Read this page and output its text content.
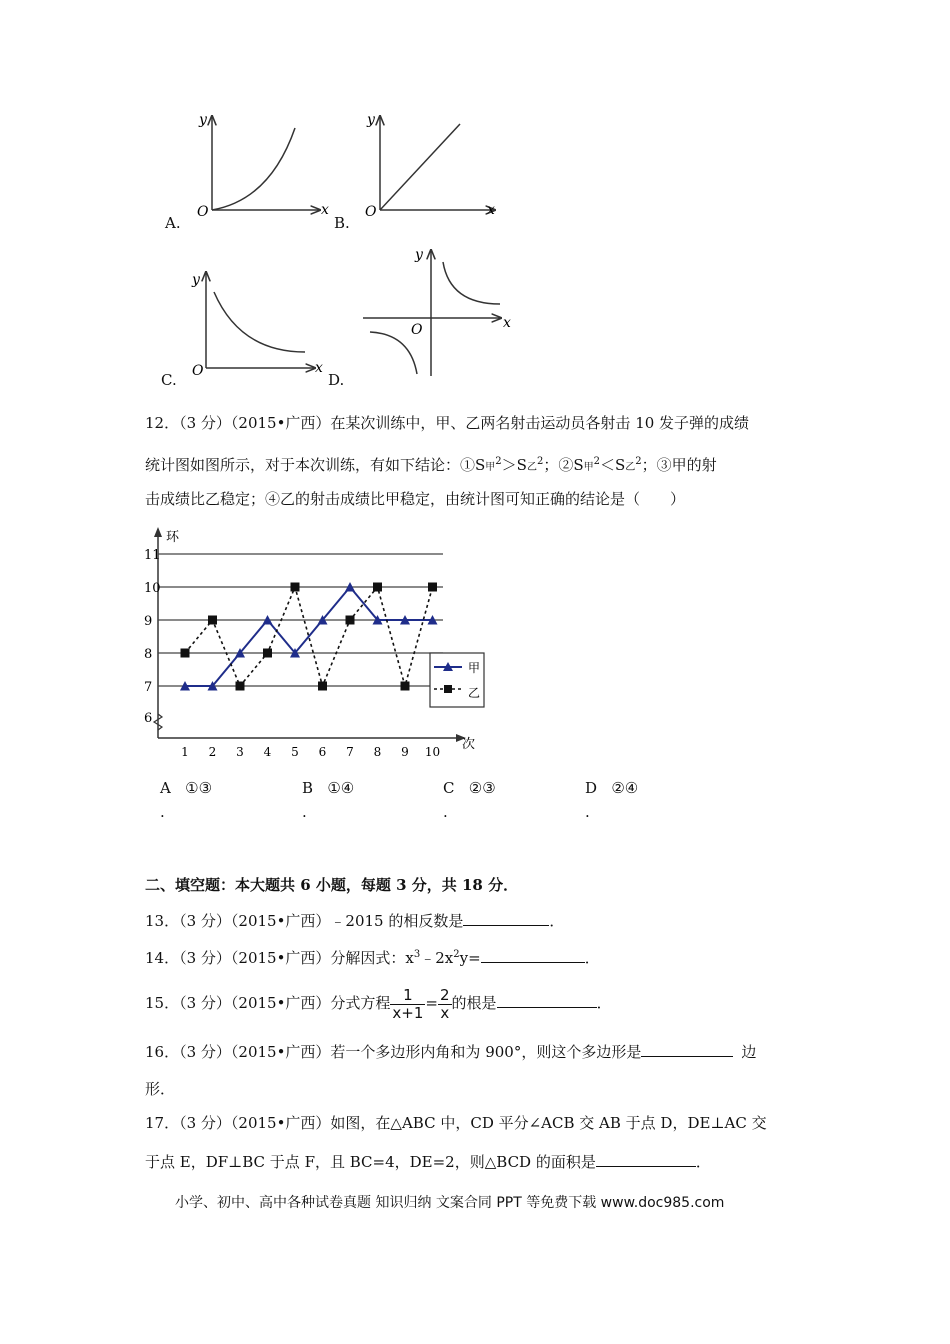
y
x
O
A.
y
x
O
B.
y
x
O
C.
y
x
O
D.
12．（3 分）（2015•广西）在某次训练中，甲、乙两名射击运动员各射击 10 发子弹的成绩
统计图如图所示，对于本次训练，有如下结论：①S甲$^2$＞S乙$^2$；②S甲$^2$＜S乙$^2$；③甲的射
击成绩比乙稳定；④乙的射击成绩比甲稳定，由统计图可知正确的结论是（　　）
环
次
6
7
8
9
10
11
1 2 3 4 5 6 7 8 9 10
甲
乙
A ①③
.
B ①④
.
C ②③
.
D ②④
.
二、填空题：本大题共 6 小题，每题 3 分，共 18 分．
13．（3 分）（2015•广西）﹣2015 的相反数是	．
14．（3 分）（2015•广西）分解因式：$x^3﹣2x^2y=$	．
15．（3 分）（2015•广西）分式方程 $\frac{1}{x+1} = \frac{2}{x}$ 的根是	．
16．（3 分）（2015•广西）若一个多边形内角和为 900°，则这个多边形是	边
形．
17．（3 分）（2015•广西）如图，在△ABC 中，CD 平分∠ACB 交 AB 于点 D，DE⊥AC 交
于点 E，DF⊥BC 于点 F，且 BC=4，DE=2，则△BCD 的面积是	．
小学、初中、高中各种试卷真题 知识归纳 文案合同 PPT 等免费下载 www.doc985.com
